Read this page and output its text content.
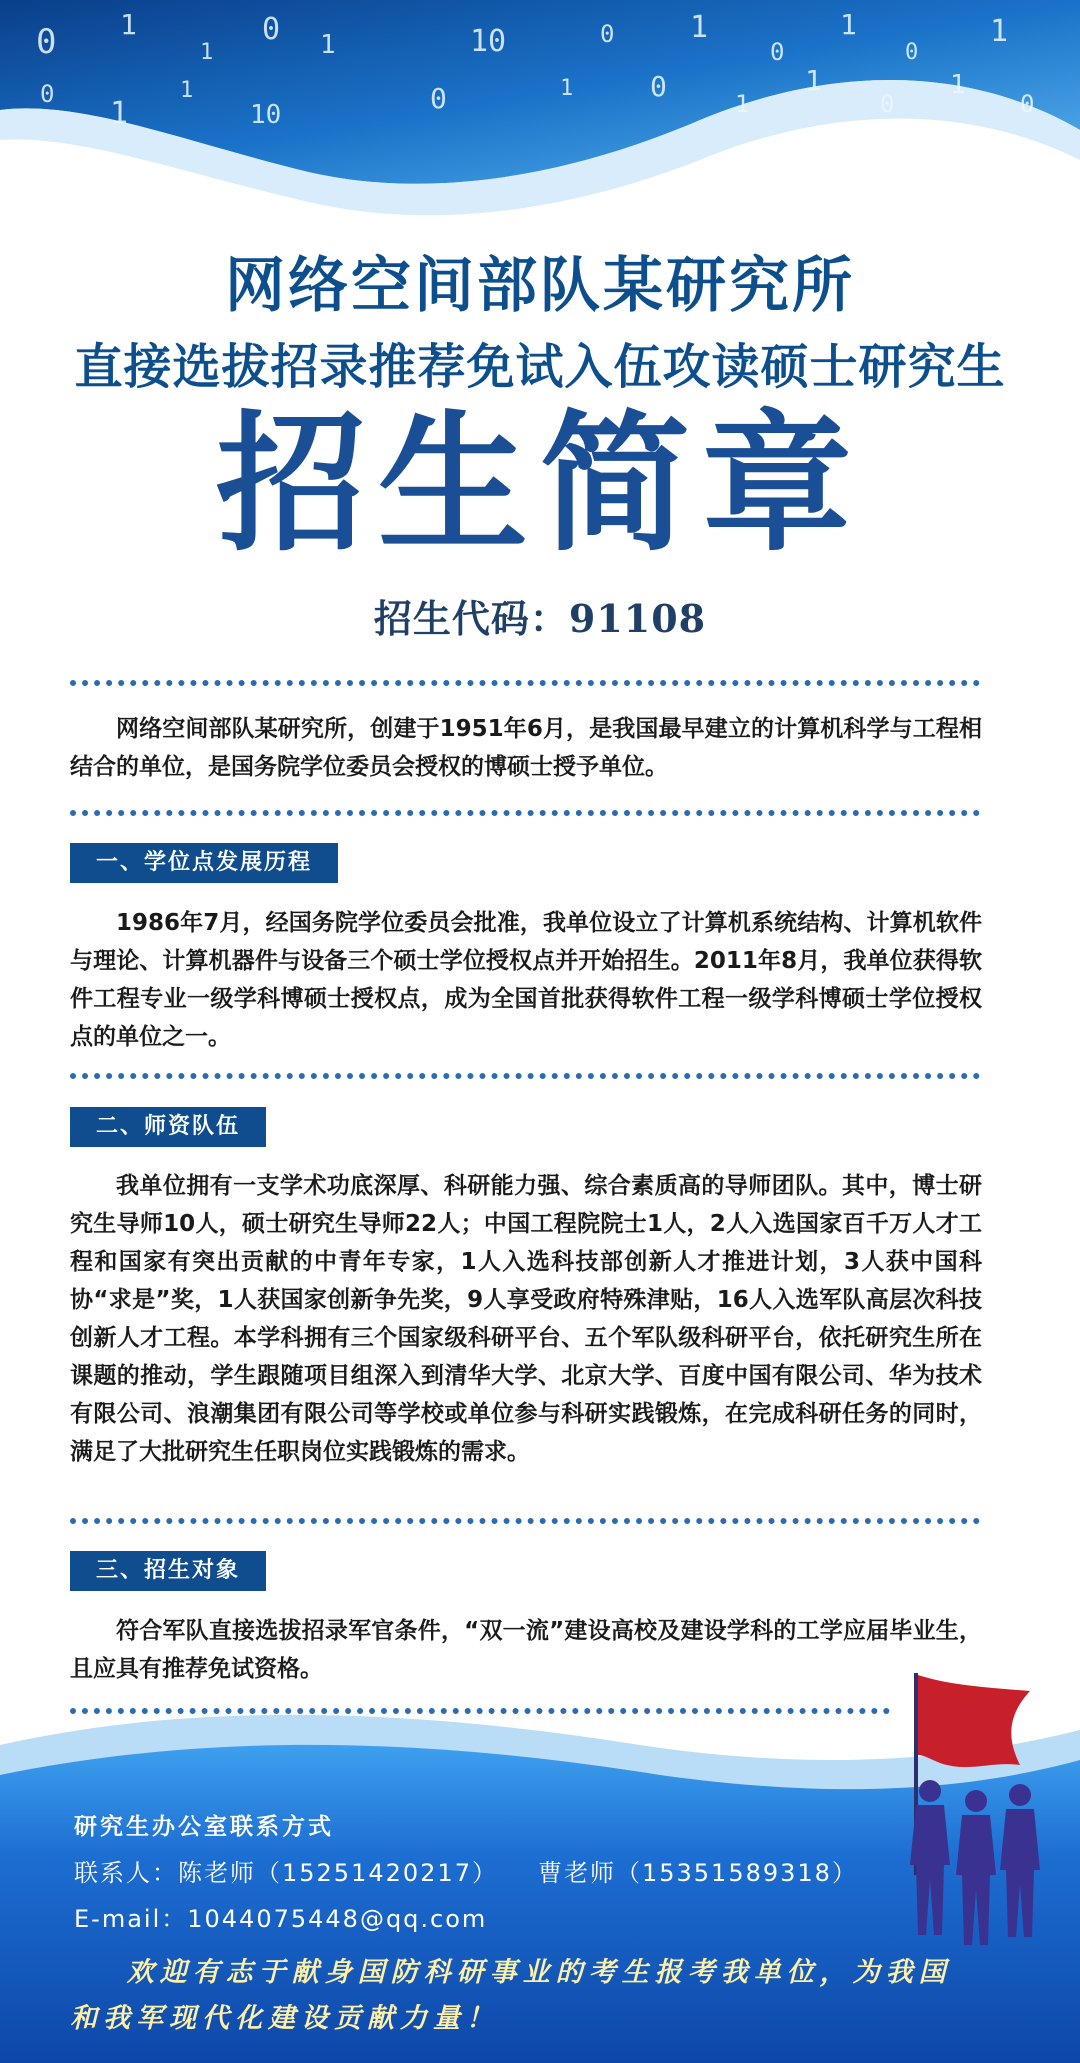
0 1
1
0 1	10	0	1
0
1
0
1
0
1
1
10	0	1	0
1
1
0
1
0
网络空间部队某研究所
直接选拔招录推荐免试入伍攻读硕士研究生
招生简章
招生代码：91108

网络空间部队某研究所，创建于1951年6月，是我国最早建立的计算机科学与工程相结合的单位，是国务院学位委员会授权的博硕士授予单位。

一、学位点发展历程

1986年7月，经国务院学位委员会批准，我单位设立了计算机系统结构、计算机软件与理论、计算机器件与设备三个硕士学位授权点并开始招生。2011年8月，我单位获得软件工程专业一级学科博硕士授权点，成为全国首批获得软件工程一级学科博硕士学位授权点的单位之一。

二、师资队伍

我单位拥有一支学术功底深厚、科研能力强、综合素质高的导师团队。其中，博士研究生导师10人，硕士研究生导师22人；中国工程院院士1人，2人入选国家百千万人才工程和国家有突出贡献的中青年专家，1人入选科技部创新人才推进计划，3人获中国科协“求是”奖，1人获国家创新争先奖，9人享受政府特殊津贴，16人入选军队高层次科技创新人才工程。本学科拥有三个国家级科研平台、五个军队级科研平台，依托研究生所在课题的推动，学生跟随项目组深入到清华大学、北京大学、百度中国有限公司、华为技术有限公司、浪潮集团有限公司等学校或单位参与科研实践锻炼，在完成科研任务的同时，满足了大批研究生任职岗位实践锻炼的需求。

三、招生对象

符合军队直接选拔招录军官条件，“双一流”建设高校及建设学科的工学应届毕业生，且应具有推荐免试资格。

研究生办公室联系方式
联系人：陈老师（15251420217） 曹老师（15351589318）
E-mail：1044075448@qq.com

欢迎有志于献身国防科研事业的考生报考我单位，为我国和我军现代化建设贡献力量！
